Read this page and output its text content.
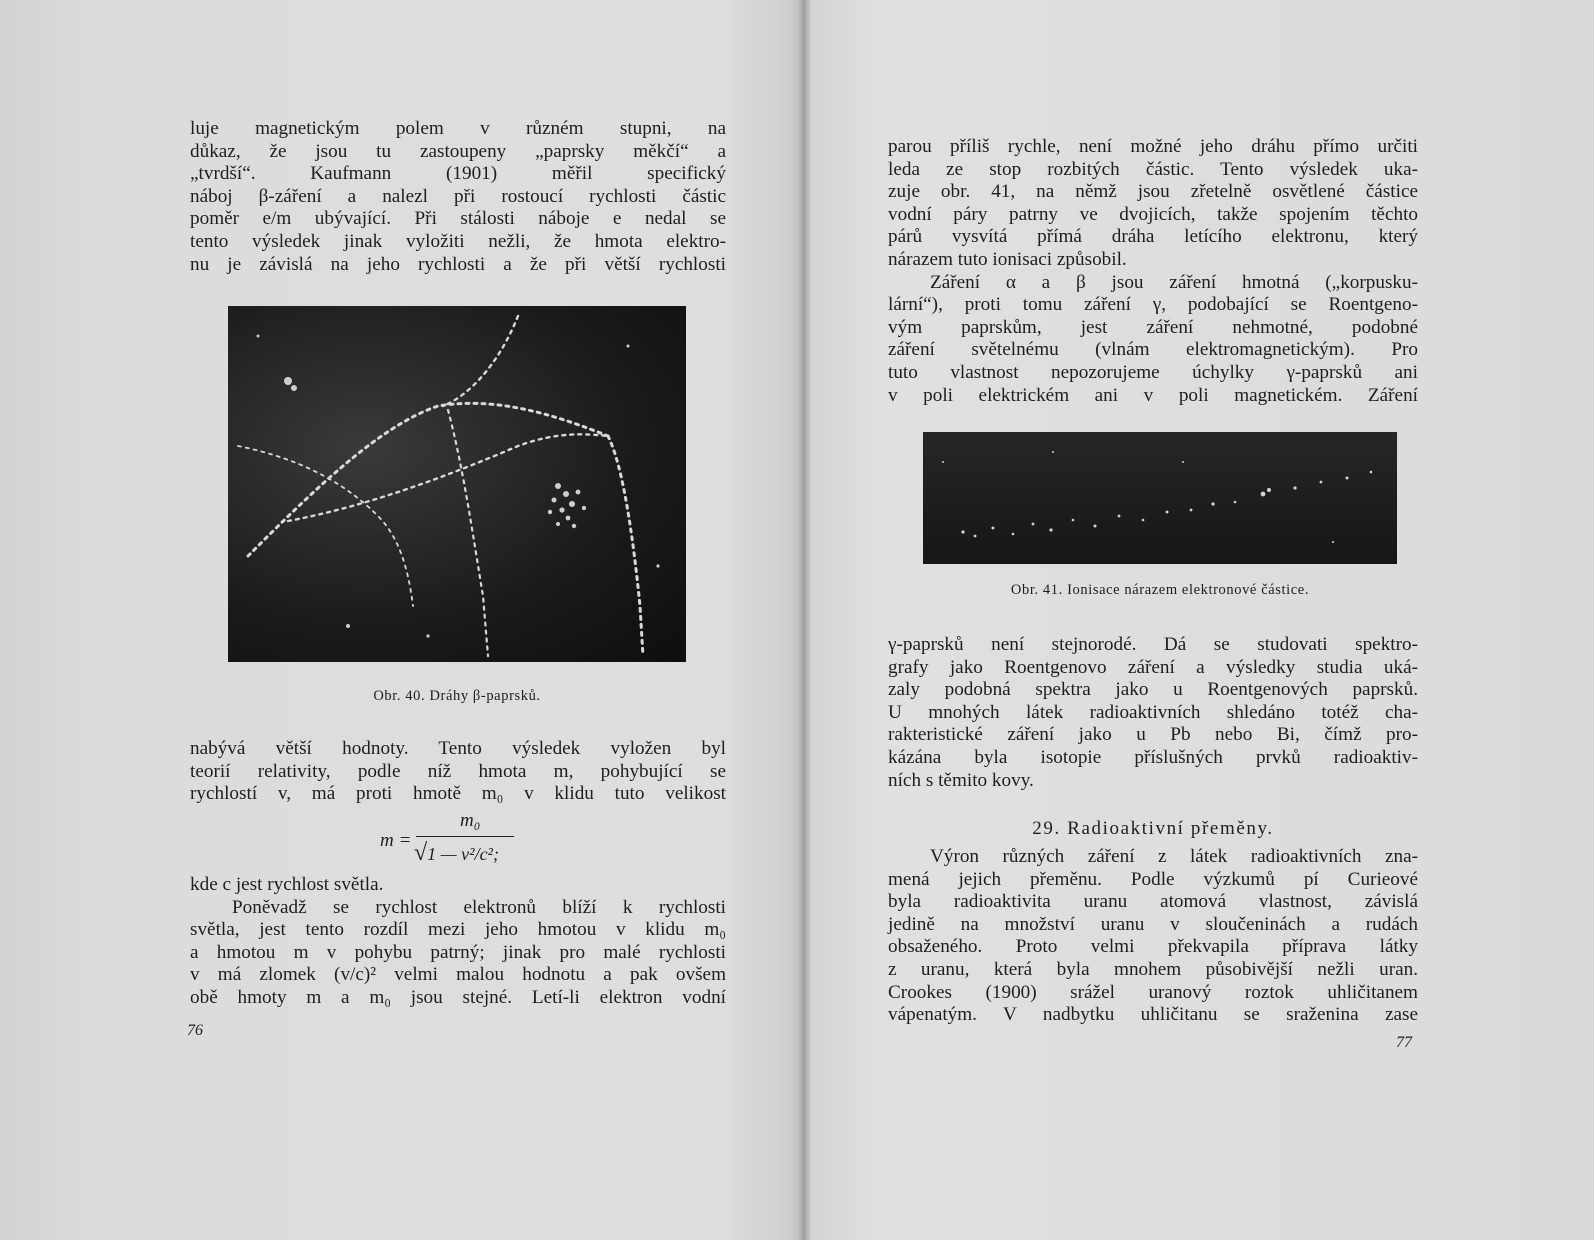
luje magnetickým polem v různém stupni, na

důkaz, že jsou tu zastoupeny „paprsky měkčí“ a

„tvrdší“. Kaufmann (1901) měřil specifický

náboj β-záření a nalezl při rostoucí rychlosti částic

poměr e/m ubývající. Při stálosti náboje e nedal se

tento výsledek jinak vyložiti nežli, že hmota elektro-

nu je závislá na jeho rychlosti a že při větší rychlosti

Obr. 40. Dráhy β-paprsků.

nabývá větší hodnoty. Tento výsledek vyložen byl

teorií relativity, podle níž hmota m, pohybující se

rychlostí v, má proti hmotě m₀ v klidu tuto velikost

m =
m₀
√1 — v²/c²;

kde c jest rychlost světla.

Poněvadž se rychlost elektronů blíží k rychlosti

světla, jest tento rozdíl mezi jeho hmotou v klidu m₀

a hmotou m v pohybu patrný; jinak pro malé rychlosti

v má zlomek (v/c)² velmi malou hodnotu a pak ovšem

obě hmoty m a m₀ jsou stejné. Letí-li elektron vodní

76

parou příliš rychle, není možné jeho dráhu přímo určiti

leda ze stop rozbitých částic. Tento výsledek uka-

zuje obr. 41, na němž jsou zřetelně osvětlené částice

vodní páry patrny ve dvojicích, takže spojením těchto

párů vysvítá přímá dráha letícího elektronu, který

nárazem tuto ionisaci způsobil.

Záření α a β jsou záření hmotná („korpusku-

lární“), proti tomu záření γ, podobající se Roentgeno-

vým paprskům, jest záření nehmotné, podobné

záření světelnému (vlnám elektromagnetickým). Pro

tuto vlastnost nepozorujeme úchylky γ-paprsků ani

v poli elektrickém ani v poli magnetickém. Záření

Obr. 41. Ionisace nárazem elektronové částice.

γ-paprsků není stejnorodé. Dá se studovati spektro-

grafy jako Roentgenovo záření a výsledky studia uká-

zaly podobná spektra jako u Roentgenových paprsků.

U mnohých látek radioaktivních shledáno totéž cha-

rakteristické záření jako u Pb nebo Bi, čímž pro-

kázána byla isotopie příslušných prvků radioaktiv-

ních s těmito kovy.

29. Radioaktivní přeměny.

Výron různých záření z látek radioaktivních zna-

mená jejich přeměnu. Podle výzkumů pí Curieové

byla radioaktivita uranu atomová vlastnost, závislá

jedině na množství uranu v sloučeninách a rudách

obsaženého. Proto velmi překvapila příprava látky

z uranu, která byla mnohem působivější nežli uran.

Crookes (1900) srážel uranový roztok uhličitanem

vápenatým. V nadbytku uhličitanu se sraženina zase

77
